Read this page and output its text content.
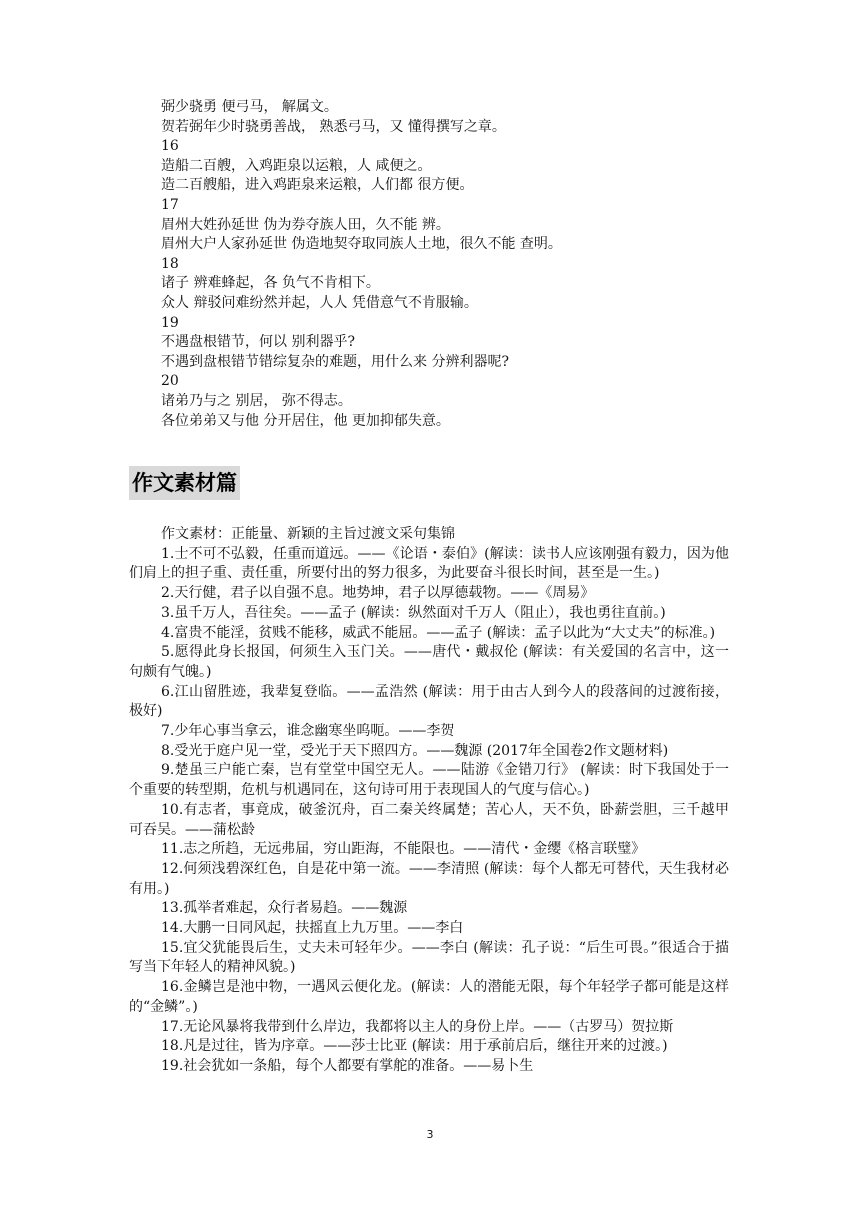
弼少骁勇 便弓马， 解属文。
贺若弼年少时骁勇善战， 熟悉弓马，又 懂得撰写之章。
16
造船二百艘，入鸡距泉以运粮，人 咸便之。
造二百艘船，进入鸡距泉来运粮，人们都 很方便。
17
眉州大姓孙延世 伪为券夺族人田，久不能 辨。
眉州大户人家孙延世 伪造地契夺取同族人土地，很久不能 查明。
18
诸子 辨难蜂起，各 负气不肯相下。
众人 辩驳问难纷然并起，人人 凭借意气不肯服输。
19
不遇盘根错节，何以 别利器乎?
不遇到盘根错节错综复杂的难题，用什么来 分辨利器呢?
20
诸弟乃与之 别居， 弥不得志。
各位弟弟又与他 分开居住，他 更加抑郁失意。
作文素材篇

作文素材：正能量、新颖的主旨过渡文采句集锦

1.士不可不弘毅，任重而道远。——《论语・泰伯》(解读：读书人应该刚强有毅力，因为他们肩上的担子重、责任重，所要付出的努力很多，为此要奋斗很长时间，甚至是一生。)

2.天行健，君子以自强不息。地势坤，君子以厚德载物。——《周易》

3.虽千万人，吾往矣。——孟子 (解读：纵然面对千万人（阻止），我也勇往直前。)

4.富贵不能淫，贫贱不能移，威武不能屈。——孟子 (解读：孟子以此为“大丈夫”的标准。)

5.愿得此身长报国，何须生入玉门关。——唐代・戴叔伦 (解读：有关爱国的名言中，这一句颇有气魄。)

6.江山留胜迹，我辈复登临。——孟浩然 (解读：用于由古人到今人的段落间的过渡衔接，极好)

7.少年心事当拿云，谁念幽寒坐呜呃。——李贺

8.受光于庭户见一堂，受光于天下照四方。——魏源 (2017年全国卷2作文题材料)

9.楚虽三户能亡秦，岂有堂堂中国空无人。——陆游《金错刀行》 (解读：时下我国处于一个重要的转型期，危机与机遇同在，这句诗可用于表现国人的气度与信心。)

10.有志者，事竟成，破釜沉舟，百二秦关终属楚；苦心人，天不负，卧薪尝胆，三千越甲可吞吴。——蒲松龄

11.志之所趋，无远弗届，穷山距海，不能限也。——清代・金缨《格言联璧》

12.何须浅碧深红色，自是花中第一流。——李清照 (解读：每个人都无可替代，天生我材必有用。)

13.孤举者难起，众行者易趋。——魏源

14.大鹏一日同风起，扶摇直上九万里。——李白

15.宜父犹能畏后生，丈夫未可轻年少。——李白 (解读：孔子说：“后生可畏。”很适合于描写当下年轻人的精神风貌。)

16.金鳞岂是池中物，一遇风云便化龙。(解读：人的潜能无限，每个年轻学子都可能是这样的“金鳞”。)

17.无论风暴将我带到什么岸边，我都将以主人的身份上岸。——（古罗马）贺拉斯

18.凡是过往，皆为序章。——莎士比亚 (解读：用于承前启后，继往开来的过渡。)

19.社会犹如一条船，每个人都要有掌舵的准备。——易卜生

3
